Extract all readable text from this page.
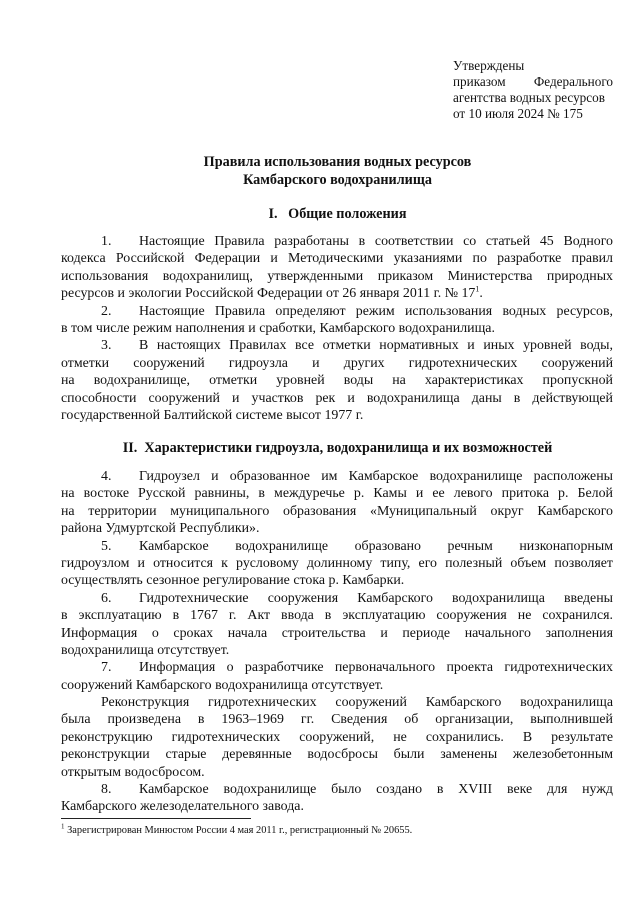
Утверждены
приказом Федерального
агентства водных ресурсов
от 10 июля 2024 № 175
Правила использования водных ресурсов
Камбарского водохранилища
I.   Общие положения
1. Настоящие Правила разработаны в соответствии со статьей 45 Водного
кодекса Российской Федерации и Методическими указаниями по разработке правил
использования водохранилищ, утвержденными приказом Министерства природных
ресурсов и экологии Российской Федерации от 26 января 2011 г. № $17^1$.
2. Настоящие Правила определяют режим использования водных ресурсов,
в том числе режим наполнения и сработки, Камбарского водохранилища.
3. В настоящих Правилах все отметки нормативных и иных уровней воды,
отметки сооружений гидроузла и других гидротехнических сооружений
на водохранилище, отметки уровней воды на характеристиках пропускной
способности сооружений и участков рек и водохранилища даны в действующей
государственной Балтийской системе высот 1977 г.
II.  Характеристики гидроузла, водохранилища и их возможностей
4. Гидроузел и образованное им Камбарское водохранилище расположены
на востоке Русской равнины, в междуречье р. Камы и ее левого притока р. Белой
на территории муниципального образования «Муниципальный округ Камбарского
района Удмуртской Республики».
5. Камбарское водохранилище образовано речным низконапорным
гидроузлом и относится к русловому долинному типу, его полезный объем позволяет
осуществлять сезонное регулирование стока р. Камбарки.
6. Гидротехнические сооружения Камбарского водохранилища введены
в эксплуатацию в 1767 г. Акт ввода в эксплуатацию сооружения не сохранился.
Информация о сроках начала строительства и периоде начального заполнения
водохранилища отсутствует.
7. Информация о разработчике первоначального проекта гидротехнических
сооружений Камбарского водохранилища отсутствует.
Реконструкция гидротехнических сооружений Камбарского водохранилища
была произведена в 1963–1969 гг. Сведения об организации, выполнившей
реконструкцию гидротехнических сооружений, не сохранились. В результате
реконструкции старые деревянные водосбросы были заменены железобетонным
открытым водосбросом.
8. Камбарское водохранилище было создано в XVIII веке для нужд
Камбарского железоделательного завода.
$^1$ Зарегистрирован Минюстом России 4 мая 2011 г., регистрационный № 20655.
